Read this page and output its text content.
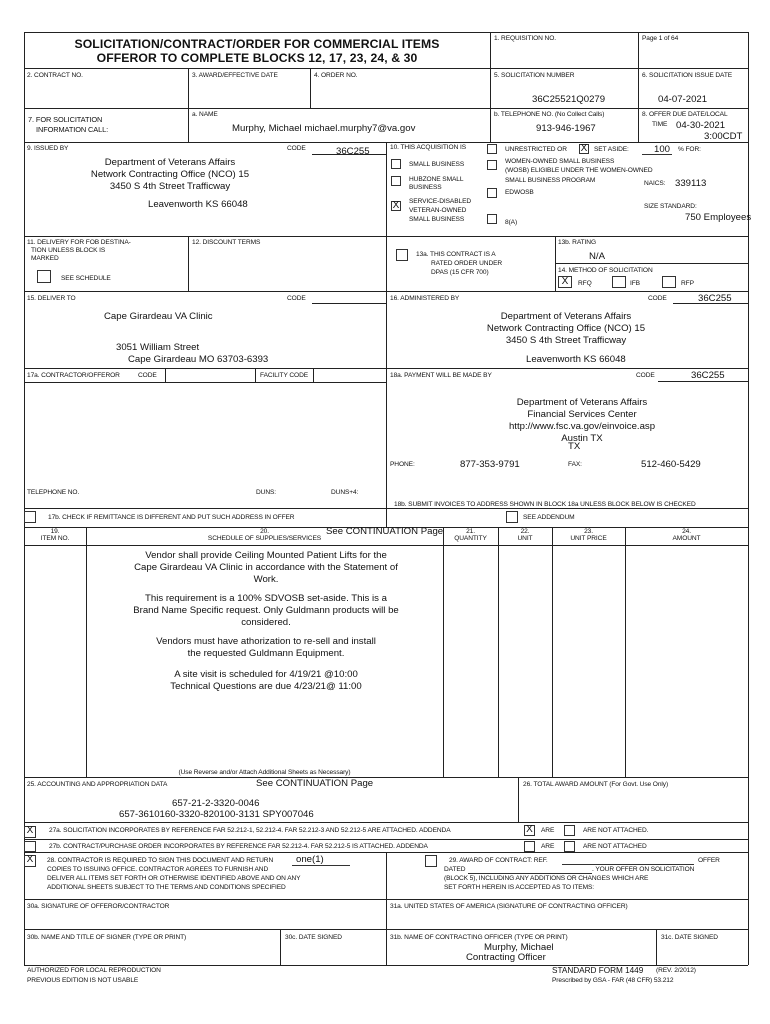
SOLICITATION/CONTRACT/ORDER FOR COMMERCIAL ITEMS
OFFEROR TO COMPLETE BLOCKS 12, 17, 23, 24, & 30
1. REQUISITION NO.	Page 1 of 64
2. CONTRACT NO.	3. AWARD/EFFECTIVE DATE	4. ORDER NO.	5. SOLICITATION NUMBER
36C25521Q0279
6. SOLICITATION ISSUE DATE
04-07-2021
7. FOR SOLICITATION
INFORMATION CALL:
a. NAME
Murphy, Michael michael.murphy7@va.gov
b. TELEPHONE NO. (No Collect Calls)
913-946-1967
8. OFFER DUE DATE/LOCAL
TIME 04-30-2021
3:00CDT
9. ISSUED BY	CODE	36C255
Department of Veterans Affairs
Network Contracting Office (NCO) 15
3450 S 4th Street Trafficway
Leavenworth KS 66048
10. THIS ACQUISITION IS	UNRESTRICTED OR X SET ASIDE:	100 % FOR:
SMALL BUSINESS
HUBZONE SMALL
BUSINESS
X SERVICE-DISABLED
VETERAN-OWNED
SMALL BUSINESS
WOMEN-OWNED SMALL BUSINESS
(WOSB) ELIGIBLE UNDER THE WOMEN-OWNED
SMALL BUSINESS PROGRAM
EDWOSB
8(A)
NAICS: 339113
SIZE STANDARD:
750 Employees
11. DELIVERY FOR FOB DESTINA-
TION UNLESS BLOCK IS
MARKED
SEE SCHEDULE
12. DISCOUNT TERMS
13a. THIS CONTRACT IS A
RATED ORDER UNDER
DPAS (15 CFR 700)
13b. RATING
N/A
14. METHOD OF SOLICITATION
X	RFQ	IFB	RFP
15. DELIVER TO	CODE
Cape Girardeau VA Clinic
3051 William Street
Cape Girardeau MO 63703-6393
16. ADMINISTERED BY	CODE	36C255
Department of Veterans Affairs
Network Contracting Office (NCO) 15
3450 S 4th Street Trafficway
Leavenworth KS 66048
17a. CONTRACTOR/OFFEROR	CODE	FACILITY CODE
TELEPHONE NO.	DUNS:	DUNS+4:
17b. CHECK IF REMITTANCE IS DIFFERENT AND PUT SUCH ADDRESS IN OFFER
18a. PAYMENT WILL BE MADE BY	CODE	36C255
Department of Veterans Affairs
Financial Services Center
http://www.fsc.va.gov/einvoice.asp
Austin TX
TX
PHONE:	877-353-9791	FAX:	512-460-5429
18b. SUBMIT INVOICES TO ADDRESS SHOWN IN BLOCK 18a UNLESS BLOCK BELOW IS CHECKED
SEE ADDENDUM
19.
ITEM NO.
20.
SCHEDULE OF SUPPLIES/SERVICES
See CONTINUATION Page	21.
QUANTITY
22.
UNIT
23.
UNIT PRICE
24.
AMOUNT
Vendor shall provide Ceiling Mounted Patient Lifts for the
Cape Girardeau VA Clinic in accordance with the Statement of
Work.
This requirement is a 100% SDVOSB set-aside. This is a
Brand Name Specific request. Only Guldmann products will be
considered.
Vendors must have athorization to re-sell and install
the requested Guldmann Equipment.
A site visit is scheduled for 4/19/21 @10:00
Technical Questions are due 4/23/21@ 11:00
(Use Reverse and/or Attach Additional Sheets as Necessary)
25. ACCOUNTING AND APPROPRIATION DATA	See CONTINUATION Page
657-21-2-3320-0046
657-3610160-3320-820100-3131 SPY007046
26. TOTAL AWARD AMOUNT (For Govt. Use Only)
X	27a. SOLICITATION INCORPORATES BY REFERENCE FAR 52.212-1, 52.212-4. FAR 52.212-3 AND 52.212-5 ARE ATTACHED. ADDENDA	X	ARE	ARE NOT ATTACHED.
27b. CONTRACT/PURCHASE ORDER INCORPORATES BY REFERENCE FAR 52.212-4. FAR 52.212-5 IS ATTACHED. ADDENDA	ARE	ARE NOT ATTACHED
X	28. CONTRACTOR IS REQUIRED TO SIGN THIS DOCUMENT AND RETURN one(1)
COPIES TO ISSUING OFFICE. CONTRACTOR AGREES TO FURNISH AND
DELIVER ALL ITEMS SET FORTH OR OTHERWISE IDENTIFIED ABOVE AND ON ANY
ADDITIONAL SHEETS SUBJECT TO THE TERMS AND CONDITIONS SPECIFIED
29. AWARD OF CONTRACT: REF.	OFFER
DATED	. YOUR OFFER ON SOLICITATION
(BLOCK 5), INCLUDING ANY ADDITIONS OR CHANGES WHICH ARE
SET FORTH HEREIN IS ACCEPTED AS TO ITEMS:
30a. SIGNATURE OF OFFEROR/CONTRACTOR
30b. NAME AND TITLE OF SIGNER (TYPE OR PRINT)	30c. DATE SIGNED
31a. UNITED STATES OF AMERICA (SIGNATURE OF CONTRACTING OFFICER)
31b. NAME OF CONTRACTING OFFICER (TYPE OR PRINT)
Murphy, Michael
Contracting Officer
31c. DATE SIGNED
AUTHORIZED FOR LOCAL REPRODUCTION
PREVIOUS EDITION IS NOT USABLE
STANDARD FORM 1449 (REV. 2/2012)
Prescribed by GSA - FAR (48 CFR) 53.212
